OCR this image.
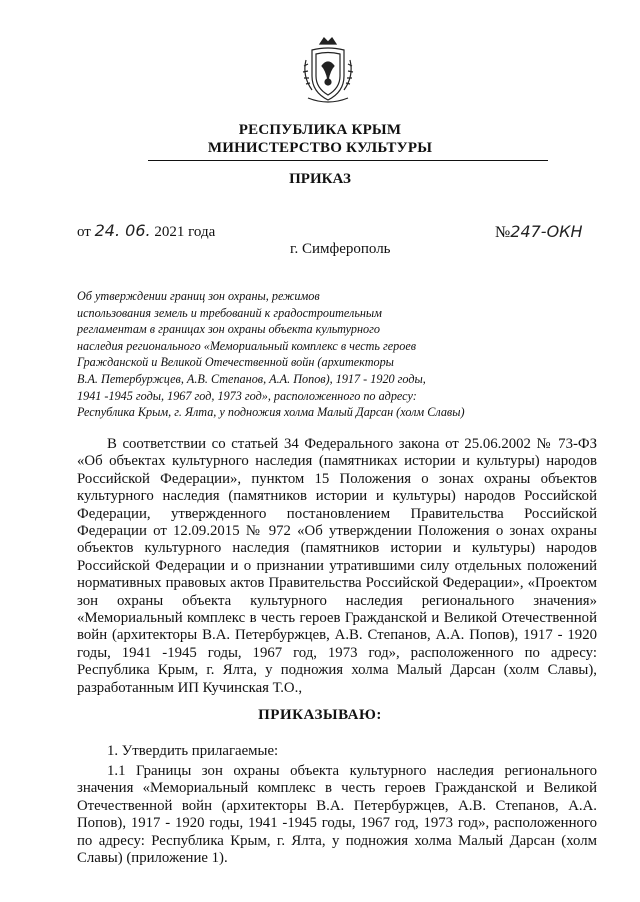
РЕСПУБЛИКА КРЫМ
МИНИСТЕРСТВО КУЛЬТУРЫ
ПРИКАЗ
от 24. 06. 2021 года	№247-ОКН
г. Симферополь
Об утверждении границ зон охраны, режимов
использования земель и требований к градостроительным
регламентам в границах зон охраны объекта культурного
наследия регионального «Мемориальный комплекс в честь героев
Гражданской и Великой Отечественной войн (архитекторы
В.А. Петербуржцев, А.В. Степанов, А.А. Попов), 1917 - 1920 годы,
1941 -1945 годы, 1967 год, 1973 год», расположенного по адресу:
Республика Крым, г. Ялта, у подножия холма Малый Дарсан (холм Славы)

В соответствии со статьей 34 Федерального закона от 25.06.2002 № 73-ФЗ «Об объектах культурного наследия (памятниках истории и культуры) народов Российской Федерации», пунктом 15 Положения о зонах охраны объектов культурного наследия (памятников истории и культуры) народов Российской Федерации, утвержденного постановлением Правительства Российской Федерации от 12.09.2015 № 972 «Об утверждении Положения о зонах охраны объектов культурного наследия (памятников истории и культуры) народов Российской Федерации и о признании утратившими силу отдельных положений нормативных правовых актов Правительства Российской Федерации», «Проектом зон охраны объекта культурного наследия регионального значения» «Мемориальный комплекс в честь героев Гражданской и Великой Отечественной войн (архитекторы В.А. Петербуржцев, А.В. Степанов, А.А. Попов), 1917 - 1920 годы, 1941 -1945 годы, 1967 год, 1973 год», расположенного по адресу: Республика Крым, г. Ялта, у подножия холма Малый Дарсан (холм Славы), разработанным ИП Кучинская Т.О.,

ПРИКАЗЫВАЮ:
1. Утвердить прилагаемые:

1.1 Границы зон охраны объекта культурного наследия регионального значения «Мемориальный комплекс в честь героев Гражданской и Великой Отечественной войн (архитекторы В.А. Петербуржцев, А.В. Степанов, А.А. Попов), 1917 - 1920 годы, 1941 -1945 годы, 1967 год, 1973 год», расположенного по адресу: Республика Крым, г. Ялта, у подножия холма Малый Дарсан (холм Славы) (приложение 1).
